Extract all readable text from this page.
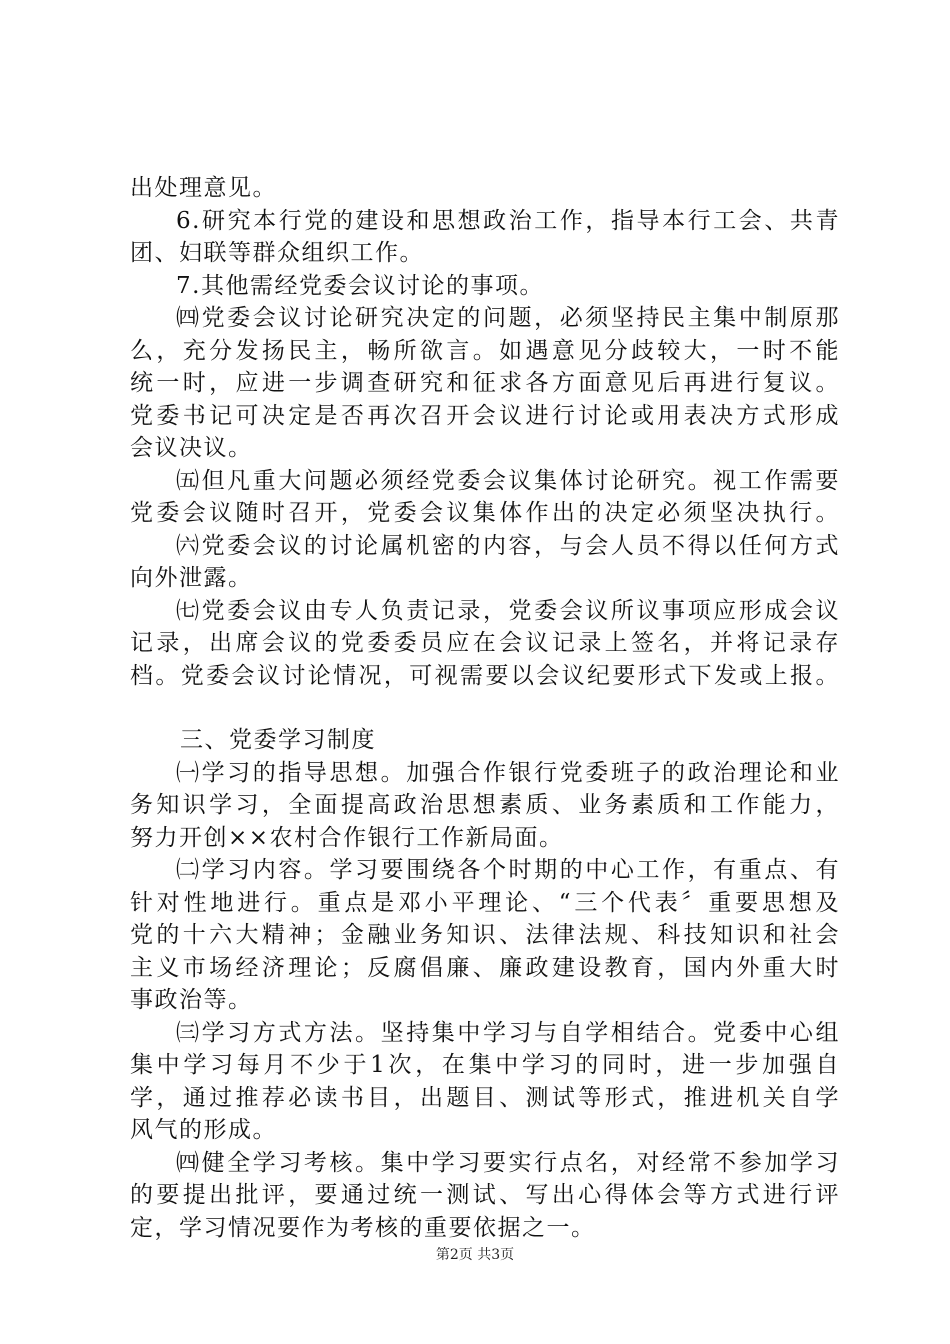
出处理意见。
6.研究本行党的建设和思想政治工作，指导本行工会、共青
团、妇联等群众组织工作。
7.其他需经党委会议讨论的事项。
㈣党委会议讨论研究决定的问题，必须坚持民主集中制原那
么，充分发扬民主，畅所欲言。如遇意见分歧较大，一时不能
统一时，应进一步调查研究和征求各方面意见后再进行复议。
党委书记可决定是否再次召开会议进行讨论或用表决方式形成
会议决议。
㈤但凡重大问题必须经党委会议集体讨论研究。视工作需要
党委会议随时召开，党委会议集体作出的决定必须坚决执行。
㈥党委会议的讨论属机密的内容，与会人员不得以任何方式
向外泄露。
㈦党委会议由专人负责记录，党委会议所议事项应形成会议
记录，出席会议的党委委员应在会议记录上签名，并将记录存
档。党委会议讨论情况，可视需要以会议纪要形式下发或上报。
三、党委学习制度
㈠学习的指导思想。加强合作银行党委班子的政治理论和业
务知识学习，全面提高政治思想素质、业务素质和工作能力，
努力开创××农村合作银行工作新局面。
㈡学习内容。学习要围绕各个时期的中心工作，有重点、有
针对性地进行。重点是邓小平理论、“三个代表〞重要思想及
党的十六大精神；金融业务知识、法律法规、科技知识和社会
主义市场经济理论；反腐倡廉、廉政建设教育，国内外重大时
事政治等。
㈢学习方式方法。坚持集中学习与自学相结合。党委中心组
集中学习每月不少于1次，在集中学习的同时，进一步加强自
学，通过推荐必读书目，出题目、测试等形式，推进机关自学
风气的形成。
㈣健全学习考核。集中学习要实行点名，对经常不参加学习
的要提出批评，要通过统一测试、写出心得体会等方式进行评
定，学习情况要作为考核的重要依据之一。
第2页 共3页
